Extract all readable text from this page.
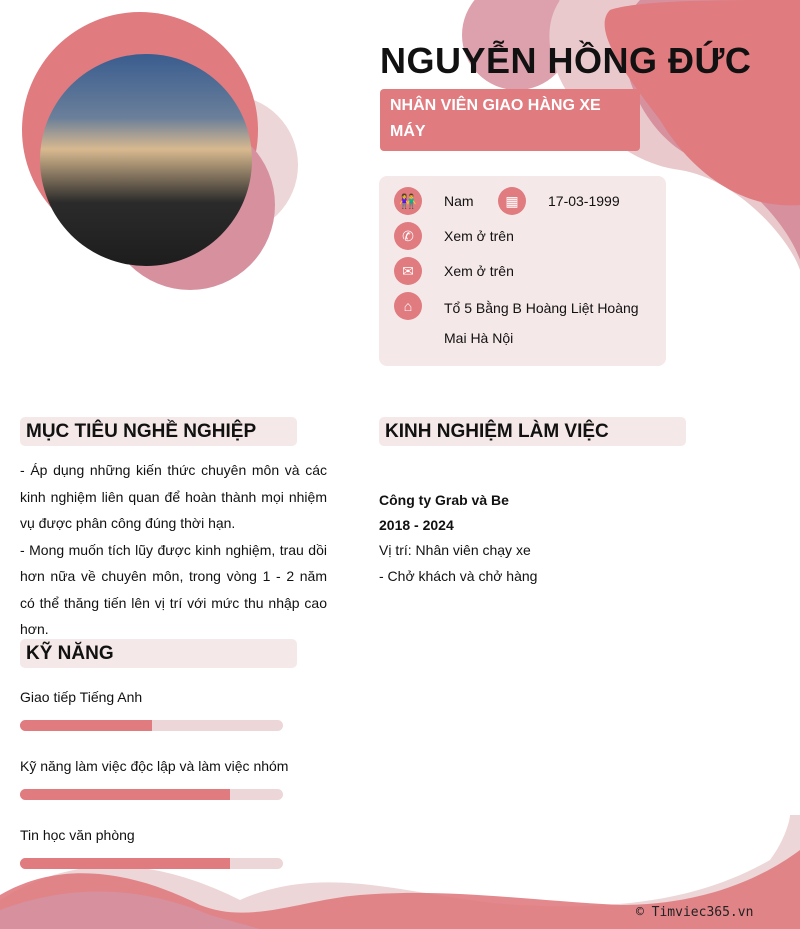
NGUYỄN HỒNG ĐỨC
NHÂN VIÊN GIAO HÀNG XE MÁY
👫	Nam	▦	17-03-1999
✆	Xem ở trên
✉	Xem ở trên
⌂	Tổ 5 Bằng B Hoàng Liệt Hoàng Mai Hà Nội
MỤC TIÊU NGHỀ NGHIỆP
- Áp dụng những kiến thức chuyên môn và các kinh nghiệm liên quan để hoàn thành mọi nhiệm vụ được phân công đúng thời hạn.
- Mong muốn tích lũy được kinh nghiệm, trau dồi hơn nữa về chuyên môn, trong vòng 1 - 2 năm có thể thăng tiến lên vị trí với mức thu nhập cao hơn.
KỸ NĂNG
Giao tiếp Tiếng Anh
Kỹ năng làm việc độc lập và làm việc nhóm
Tin học văn phòng
KINH NGHIỆM LÀM VIỆC
Công ty Grab và Be
2018 - 2024
Vị trí: Nhân viên chạy xe
- Chở khách và chở hàng
© Timviec365.vn
